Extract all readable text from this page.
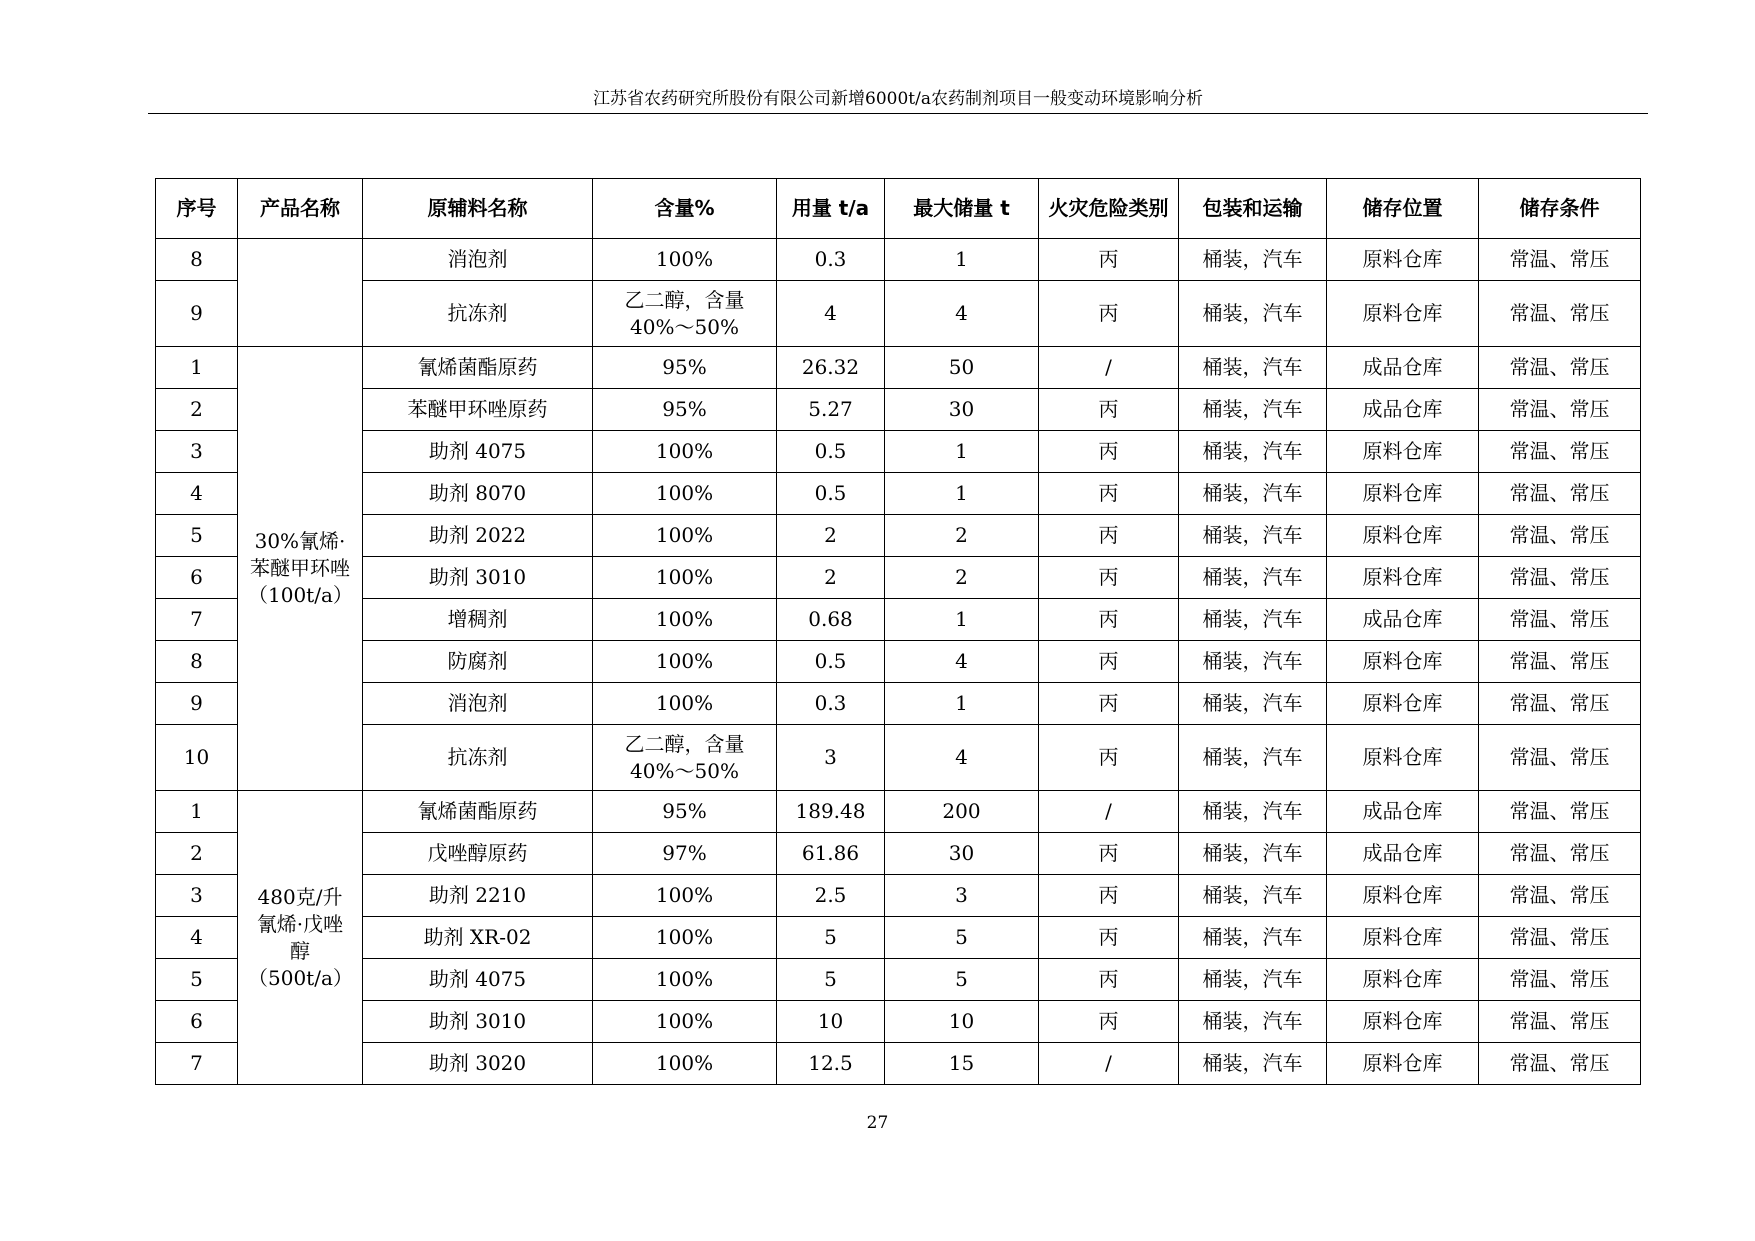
江苏省农药研究所股份有限公司新增6000t/a农药制剂项目一般变动环境影响分析
序号	产品名称	原辅料名称	含量%	用量 t/a	最大储量 t	火灾危险类别	包装和运输	储存位置	储存条件
8		消泡剂	100%	0.3	1	丙	桶装，汽车	原料仓库	常温、常压
9		抗冻剂	乙二醇，含量40%～50%	4	4	丙	桶装，汽车	原料仓库	常温、常压
1	30%氰烯·苯醚甲环唑（100t/a）	氰烯菌酯原药	95%	26.32	50	/	桶装，汽车	成品仓库	常温、常压
2		苯醚甲环唑原药	95%	5.27	30	丙	桶装，汽车	成品仓库	常温、常压
3		助剂 4075	100%	0.5	1	丙	桶装，汽车	原料仓库	常温、常压
4		助剂 8070	100%	0.5	1	丙	桶装，汽车	原料仓库	常温、常压
5		助剂 2022	100%	2	2	丙	桶装，汽车	原料仓库	常温、常压
6		助剂 3010	100%	2	2	丙	桶装，汽车	原料仓库	常温、常压
7		增稠剂	100%	0.68	1	丙	桶装，汽车	成品仓库	常温、常压
8		防腐剂	100%	0.5	4	丙	桶装，汽车	原料仓库	常温、常压
9		消泡剂	100%	0.3	1	丙	桶装，汽车	原料仓库	常温、常压
10		抗冻剂	乙二醇，含量40%～50%	3	4	丙	桶装，汽车	原料仓库	常温、常压
1	480克/升氰烯·戊唑醇（500t/a）	氰烯菌酯原药	95%	189.48	200	/	桶装，汽车	成品仓库	常温、常压
2		戊唑醇原药	97%	61.86	30	丙	桶装，汽车	成品仓库	常温、常压
3		助剂 2210	100%	2.5	3	丙	桶装，汽车	原料仓库	常温、常压
4		助剂 XR-02	100%	5	5	丙	桶装，汽车	原料仓库	常温、常压
5		助剂 4075	100%	5	5	丙	桶装，汽车	原料仓库	常温、常压
6		助剂 3010	100%	10	10	丙	桶装，汽车	原料仓库	常温、常压
7		助剂 3020	100%	12.5	15	/	桶装，汽车	原料仓库	常温、常压
27
